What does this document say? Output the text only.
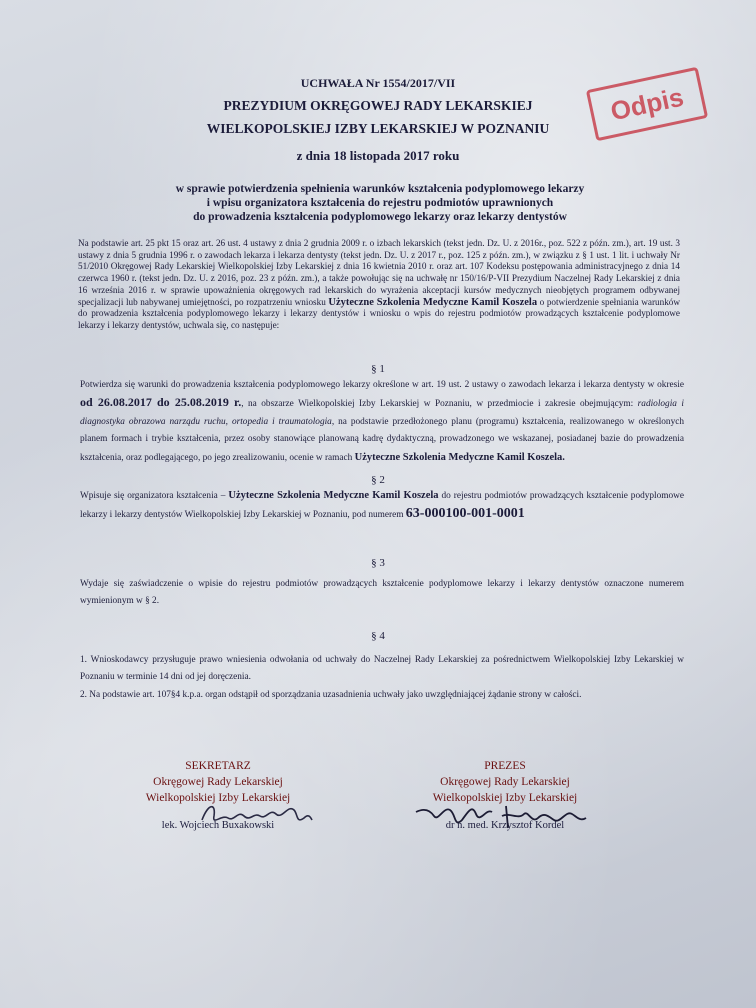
Odpis
UCHWAŁA Nr 1554/2017/VII
PREZYDIUM OKRĘGOWEJ RADY LEKARSKIEJ
WIELKOPOLSKIEJ IZBY LEKARSKIEJ W POZNANIU
z dnia 18 listopada 2017 roku
w sprawie potwierdzenia spełnienia warunków kształcenia podyplomowego lekarzy
i wpisu organizatora kształcenia do rejestru podmiotów uprawnionych
do prowadzenia kształcenia podyplomowego lekarzy oraz lekarzy dentystów
Na podstawie art. 25 pkt 15 oraz art. 26 ust. 4 ustawy z dnia 2 grudnia 2009 r. o izbach lekarskich (tekst jedn. Dz. U. z 2016r., poz. 522 z późn. zm.), art. 19 ust. 3 ustawy z dnia 5 grudnia 1996 r. o zawodach lekarza i lekarza dentysty (tekst jedn. Dz. U. z 2017 r., poz. 125 z późn. zm.), w związku z § 1 ust. 1 lit. i uchwały Nr 51/2010 Okręgowej Rady Lekarskiej Wielkopolskiej Izby Lekarskiej z dnia 16 kwietnia 2010 r. oraz art. 107 Kodeksu postępowania administracyjnego z dnia 14 czerwca 1960 r. (tekst jedn. Dz. U. z 2016, poz. 23 z późn. zm.), a także powołując się na uchwałę nr 150/16/P-VII Prezydium Naczelnej Rady Lekarskiej z dnia 16 września 2016 r. w sprawie upoważnienia okręgowych rad lekarskich do wyrażenia akceptacji kursów medycznych nieobjętych programem odbywanej specjalizacji lub nabywanej umiejętności, po rozpatrzeniu wniosku Użyteczne Szkolenia Medyczne Kamil Koszela o potwierdzenie spełniania warunków do prowadzenia kształcenia podyplomowego lekarzy i lekarzy dentystów i wniosku o wpis do rejestru podmiotów prowadzących kształcenie podyplomowe lekarzy i lekarzy dentystów, uchwala się, co następuje:
§ 1
Potwierdza się warunki do prowadzenia kształcenia podyplomowego lekarzy określone w art. 19 ust. 2 ustawy o zawodach lekarza i lekarza dentysty w okresie od 26.08.2017 do 25.08.2019 r., na obszarze Wielkopolskiej Izby Lekarskiej w Poznaniu, w przedmiocie i zakresie obejmującym: radiologia i diagnostyka obrazowa narządu ruchu, ortopedia i traumatologia, na podstawie przedłożonego planu (programu) kształcenia, realizowanego w określonych planem formach i trybie kształcenia, przez osoby stanowiące planowaną kadrę dydaktyczną, prowadzonego we wskazanej, posiadanej bazie do prowadzenia kształcenia, oraz podlegającego, po jego zrealizowaniu, ocenie w ramach Użyteczne Szkolenia Medyczne Kamil Koszela.
§ 2
Wpisuje się organizatora kształcenia – Użyteczne Szkolenia Medyczne Kamil Koszela do rejestru podmiotów prowadzących kształcenie podyplomowe lekarzy i lekarzy dentystów Wielkopolskiej Izby Lekarskiej w Poznaniu, pod numerem 63-000100-001-0001
§ 3
Wydaje się zaświadczenie o wpisie do rejestru podmiotów prowadzących kształcenie podyplomowe lekarzy i lekarzy dentystów oznaczone numerem wymienionym w § 2.
§ 4
1. Wnioskodawcy przysługuje prawo wniesienia odwołania od uchwały do Naczelnej Rady Lekarskiej za pośrednictwem Wielkopolskiej Izby Lekarskiej w Poznaniu w terminie 14 dni od jej doręczenia.
2. Na podstawie art. 107§4 k.p.a. organ odstąpił od sporządzania uzasadnienia uchwały jako uwzględniającej żądanie strony w całości.
SEKRETARZ
Okręgowej Rady Lekarskiej
Wielkopolskiej Izby Lekarskiej
lek. Wojciech Buxakowski
PREZES
Okręgowej Rady Lekarskiej
Wielkopolskiej Izby Lekarskiej
dr n. med. Krzysztof Kordel
